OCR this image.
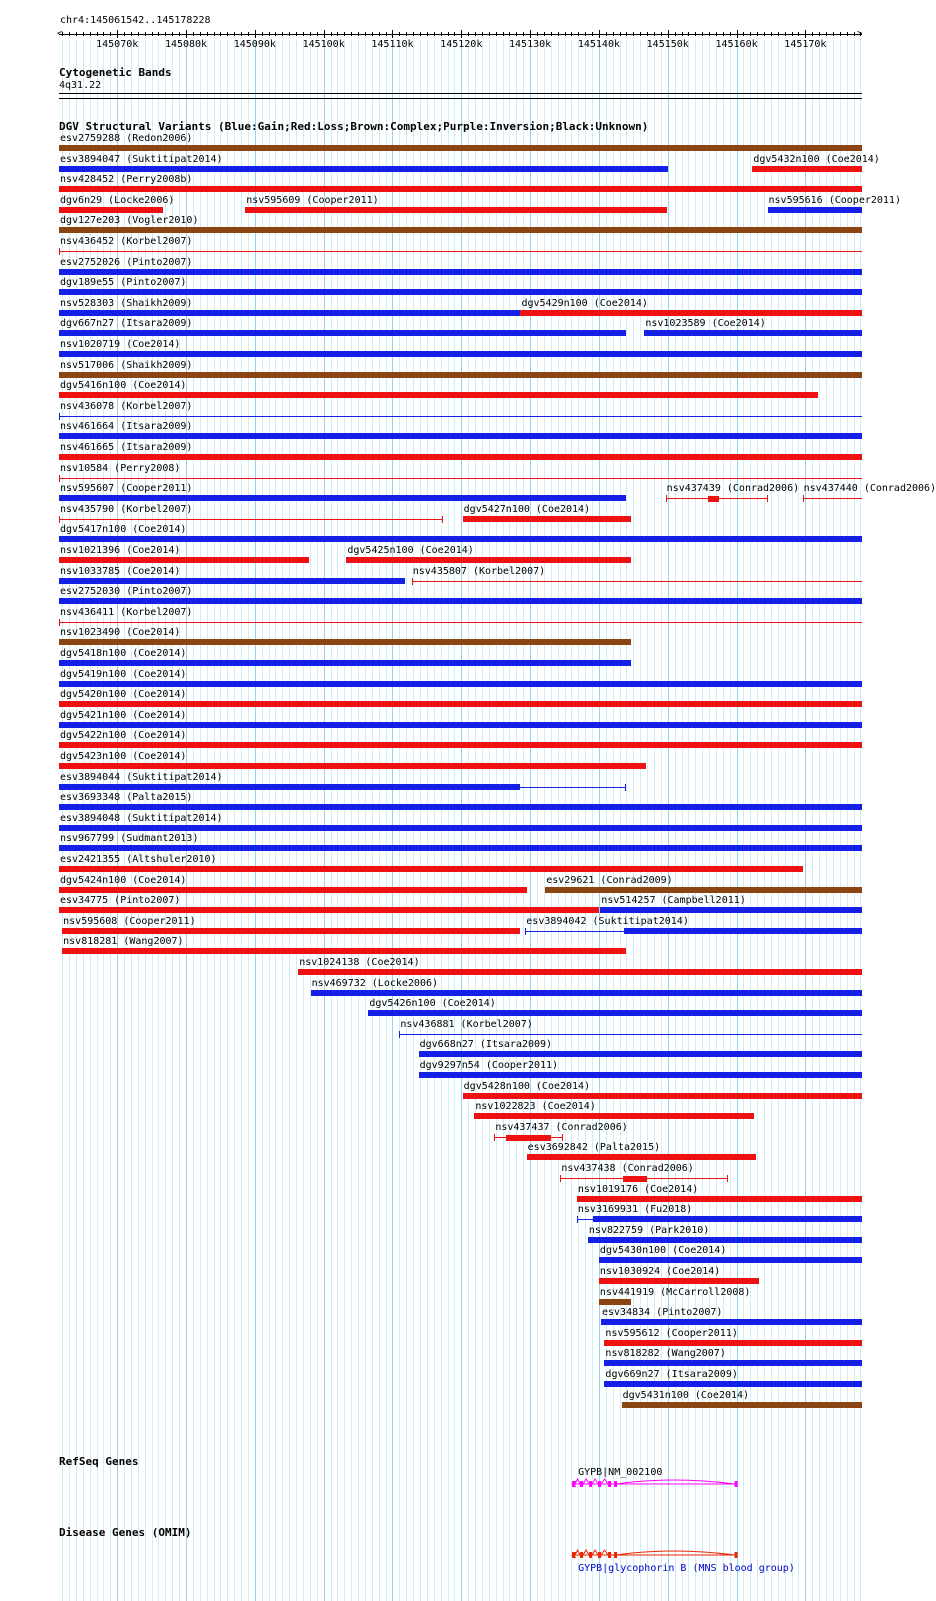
chr4:145061542..145178228
<	>
145070k	145080k	145090k	145100k	145110k	145120k	145130k	145140k	145150k	145160k	145170k
Cytogenetic Bands
4q31.22
DGV Structural Variants (Blue:Gain;Red:Loss;Brown:Complex;Purple:Inversion;Black:Unknown)
esv2759288 (Redon2006)
esv3894047 (Suktitipat2014)	dgv5432n100 (Coe2014)
nsv428452 (Perry2008b)
dgv6n29 (Locke2006)	nsv595609 (Cooper2011)	nsv595616 (Cooper2011)
dgv127e203 (Vogler2010)
nsv436452 (Korbel2007)
esv2752026 (Pinto2007)
dgv189e55 (Pinto2007)
nsv528303 (Shaikh2009)	dgv5429n100 (Coe2014)
dgv667n27 (Itsara2009)	nsv1023589 (Coe2014)
nsv1020719 (Coe2014)
nsv517006 (Shaikh2009)
dgv5416n100 (Coe2014)
nsv436078 (Korbel2007)
nsv461664 (Itsara2009)
nsv461665 (Itsara2009)
nsv10584 (Perry2008)
nsv595607 (Cooper2011)	nsv437439 (Conrad2006) nsv437440 (Conrad2006)
nsv435790 (Korbel2007)	dgv5427n100 (Coe2014)
dgv5417n100 (Coe2014)
nsv1021396 (Coe2014)	dgv5425n100 (Coe2014)
nsv1033785 (Coe2014)	nsv435807 (Korbel2007)
esv2752030 (Pinto2007)
nsv436411 (Korbel2007)
nsv1023490 (Coe2014)
dgv5418n100 (Coe2014)
dgv5419n100 (Coe2014)
dgv5420n100 (Coe2014)
dgv5421n100 (Coe2014)
dgv5422n100 (Coe2014)
dgv5423n100 (Coe2014)
esv3894044 (Suktitipat2014)
esv3693348 (Palta2015)
esv3894048 (Suktitipat2014)
nsv967799 (Sudmant2013)
esv2421355 (Altshuler2010)
dgv5424n100 (Coe2014)	esv29621 (Conrad2009)
esv34775 (Pinto2007)	nsv514257 (Campbell2011)
nsv595608 (Cooper2011)	esv3894042 (Suktitipat2014)
nsv818281 (Wang2007)
nsv1024138 (Coe2014)
nsv469732 (Locke2006)
dgv5426n100 (Coe2014)
nsv436881 (Korbel2007)
dgv668n27 (Itsara2009)
dgv9297n54 (Cooper2011)
dgv5428n100 (Coe2014)
nsv1022823 (Coe2014)
nsv437437 (Conrad2006)
esv3692842 (Palta2015)
nsv437438 (Conrad2006)
nsv1019176 (Coe2014)
nsv3169931 (Fu2018)
nsv822759 (Park2010)
dgv5430n100 (Coe2014)
nsv1030924 (Coe2014)
nsv441919 (McCarroll2008)
esv34834 (Pinto2007)
nsv595612 (Cooper2011)
nsv818282 (Wang2007)
dgv669n27 (Itsara2009)
dgv5431n100 (Coe2014)
RefSeq Genes
GYPB|NM_002100
Disease Genes (OMIM)
GYPB|glycophorin B (MNS blood group)
